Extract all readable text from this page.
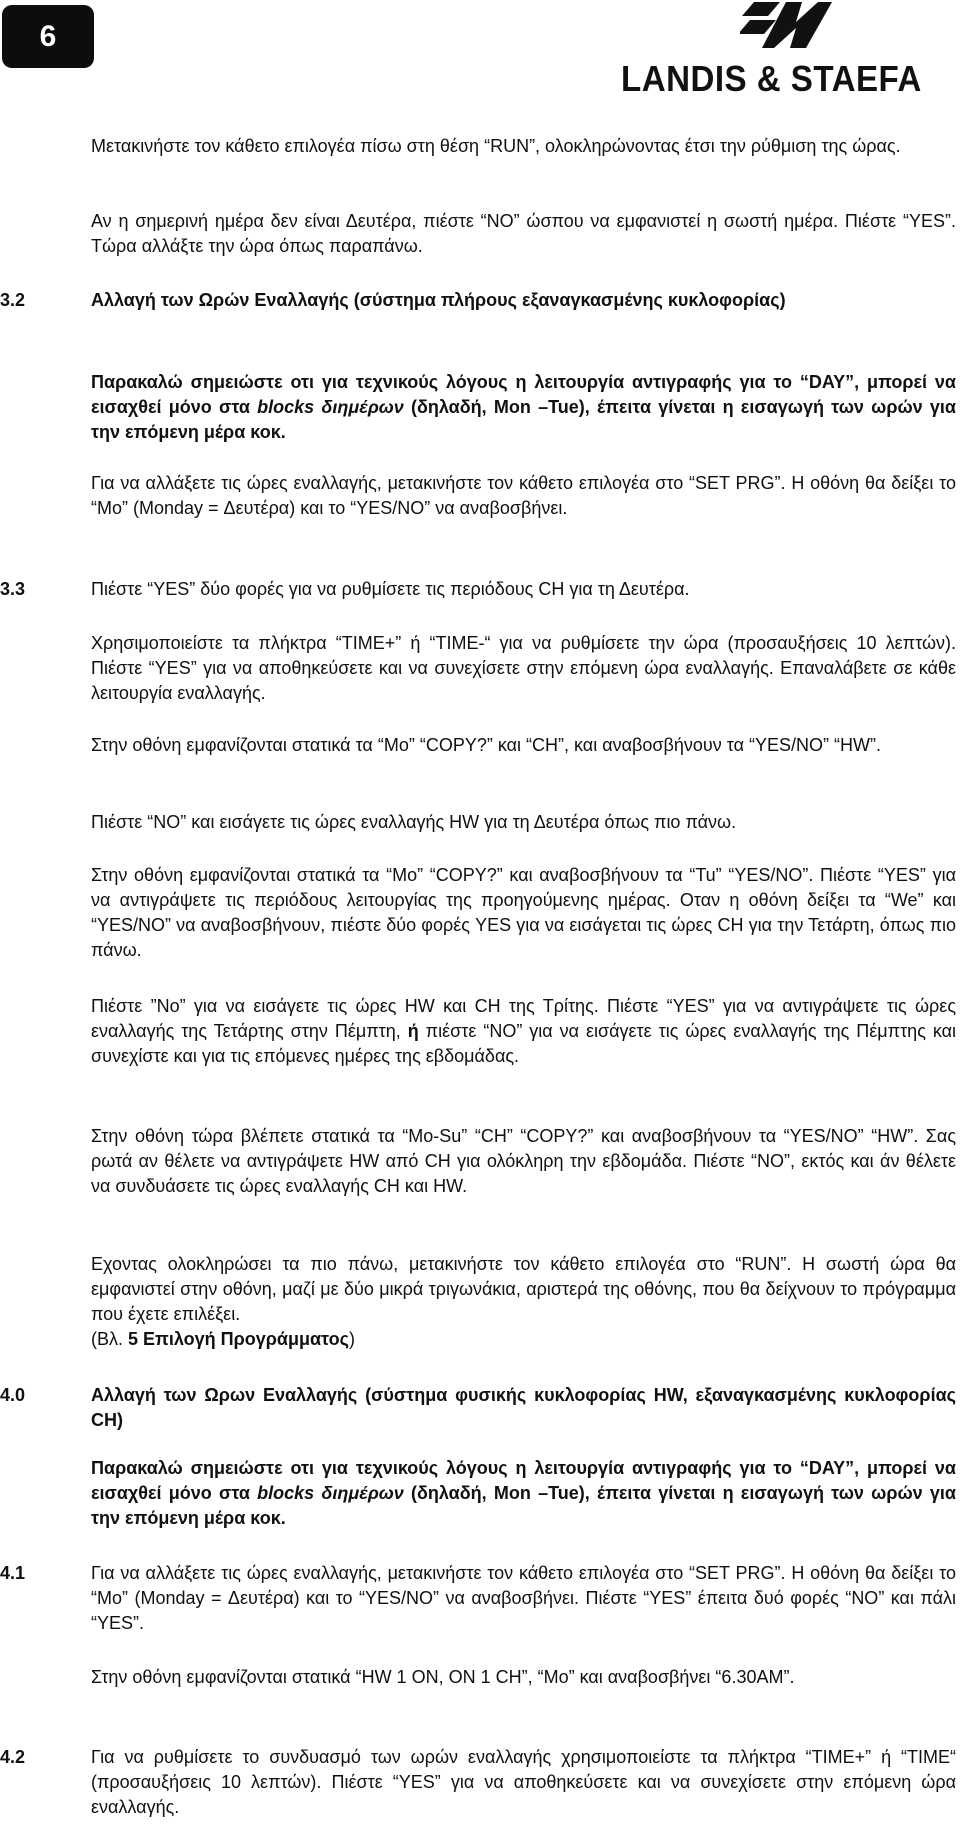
6
LANDIS & STAEFA
Μετακινήστε τον κάθετο επιλογέα πίσω στη θέση “RUN”, ολοκληρώνοντας έτσι την ρύθμιση της ώρας.
Αν η σημερινή ημέρα δεν είναι Δευτέρα, πιέστε “NO” ώσπου να εμφανιστεί η σωστή ημέρα. Πιέστε “YES”. Τώρα αλλάξτε την ώρα όπως παραπάνω.
3.2	Αλλαγή των Ωρών Εναλλαγής (σύστημα πλήρους εξαναγκασμένης κυκλοφορίας)
Παρακαλώ σημειώστε οτι για τεχνικούς λόγους η λειτουργία αντιγραφής για το “DAY”, μπορεί να εισαχθεί μόνο στα blocks διημέρων (δηλαδή, Mon –Tue), έπειτα γίνεται η εισαγωγή των ωρών για την επόμενη μέρα κοκ.
Για να αλλάξετε τις ώρες εναλλαγής, μετακινήστε τον κάθετο επιλογέα στο “SET PRG”. Η οθόνη θα δείξει το “Mo” (Monday = Δευτέρα) και το “YES/NO” να αναβοσβήνει.
3.3	Πιέστε “YES” δύο φορές για να ρυθμίσετε τις περιόδους CH για τη Δευτέρα.
Χρησιμοποιείστε τα πλήκτρα “TIME+” ή “TIME-“ για να ρυθμίσετε την ώρα (προσαυξήσεις 10 λεπτών). Πιέστε “YES” για να αποθηκεύσετε και να συνεχίσετε στην επόμενη ώρα εναλλαγής. Επαναλάβετε σε κάθε λειτουργία εναλλαγής.
Στην οθόνη εμφανίζονται στατικά τα “Mo” “COPY?” και “CH”, και αναβοσβήνουν τα “YES/NO” “HW”.
Πιέστε “NO” και εισάγετε τις ώρες εναλλαγής HW για τη Δευτέρα όπως πιο πάνω.
Στην οθόνη εμφανίζονται στατικά τα “Mo” “COPY?” και αναβοσβήνουν τα “Tu” “YES/NO”. Πιέστε “YES” για να αντιγράψετε τις περιόδους λειτουργίας της προηγούμενης ημέρας. Οταν η οθόνη δείξει τα “We” και “YES/NO” να αναβοσβήνουν, πιέστε δύο φορές YES για να εισάγεται τις ώρες CH για την Τετάρτη, όπως πιο πάνω.
Πιέστε ”No” για να εισάγετε τις ώρες HW και CH της Τρίτης. Πιέστε “YES” για να αντιγράψετε τις ώρες εναλλαγής της Τετάρτης στην Πέμπτη, ή πιέστε “NO” για να εισάγετε τις ώρες εναλλαγής της Πέμπτης και συνεχίστε και για τις επόμενες ημέρες της εβδομάδας.
Στην οθόνη τώρα βλέπετε στατικά τα “Mo-Su” “CH” “COPY?” και αναβοσβήνουν τα “YES/NO” “HW”. Σας ρωτά αν θέλετε να αντιγράψετε HW από CH για ολόκληρη την εβδομάδα. Πιέστε “NO”, εκτός και άν θέλετε να συνδυάσετε τις ώρες εναλλαγής CH και HW.
Εχοντας ολοκληρώσει τα πιο πάνω, μετακινήστε τον κάθετο επιλογέα στο “RUN”. Η σωστή ώρα θα εμφανιστεί στην οθόνη, μαζί με δύο μικρά τριγωνάκια, αριστερά της οθόνης, που θα δείχνουν το πρόγραμμα που έχετε επιλέξει.
(Βλ. 5 Επιλογή Προγράμματος)
4.0	Αλλαγή των Ωρων Εναλλαγής (σύστημα φυσικής κυκλοφορίας HW, εξαναγκασμένης κυκλοφορίας CH)
Παρακαλώ σημειώστε οτι για τεχνικούς λόγους η λειτουργία αντιγραφής για το “DAY”, μπορεί να εισαχθεί μόνο στα blocks διημέρων (δηλαδή, Mon –Tue), έπειτα γίνεται η εισαγωγή των ωρών για την επόμενη μέρα κοκ.
4.1	Για να αλλάξετε τις ώρες εναλλαγής, μετακινήστε τον κάθετο επιλογέα στο “SET PRG”. Η οθόνη θα δείξει το “Mo” (Monday = Δευτέρα) και το “YES/NO” να αναβοσβήνει. Πιέστε “YES” έπειτα δυό φορές “NO” και πάλι “YES”.
Στην οθόνη εμφανίζονται στατικά “HW 1 ON, ON 1 CH”, “Mo” και αναβοσβήνει “6.30AM”.
4.2	Για να ρυθμίσετε το συνδυασμό των ωρών εναλλαγής χρησιμοποιείστε τα πλήκτρα “TIME+” ή “TIME“ (προσαυξήσεις 10 λεπτών). Πιέστε “YES” για να αποθηκεύσετε και να συνεχίσετε στην επόμενη ώρα εναλλαγής.
